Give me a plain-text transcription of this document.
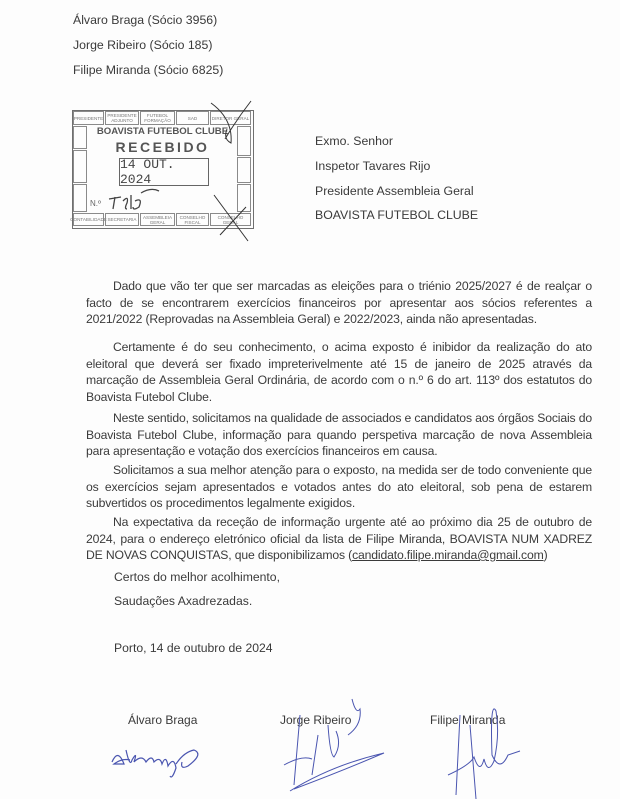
Álvaro Braga (Sócio 3956)
Jorge Ribeiro (Sócio 185)
Filipe Miranda (Sócio 6825)
PRESIDENTE PRESIDENTE ADJUNTO
FUTEBOL FORMAÇÃO	SAD	DIRETOR GERAL
BOAVISTA FUTEBOL CLUBE
RECEBIDO
14 OUT. 2024
N.º
CONTABILIDADE SECRETARIA	ASSEMBLEIA GERAL
CONSELHO FISCAL
CONSELHO GERAL
Exmo. Senhor
Inspetor Tavares Rijo
Presidente Assembleia Geral
BOAVISTA FUTEBOL CLUBE
Dado que vão ter que ser marcadas as eleições para o triénio 2025/2027 é de realçar o facto de se encontrarem exercícios financeiros por apresentar aos sócios referentes a 2021/2022 (Reprovadas na Assembleia Geral) e 2022/2023, ainda não apresentadas.
Certamente é do seu conhecimento, o acima exposto é inibidor da realização do ato eleitoral que deverá ser fixado impreterivelmente até 15 de janeiro de 2025 através da marcação de Assembleia Geral Ordinária, de acordo com o n.º 6 do art. 113º dos estatutos do Boavista Futebol Clube.
Neste sentido, solicitamos na qualidade de associados e candidatos aos órgãos Sociais do Boavista Futebol Clube, informação para quando perspetiva marcação de nova Assembleia para apresentação e votação dos exercícios financeiros em causa.
Solicitamos a sua melhor atenção para o exposto, na medida ser de todo conveniente que os exercícios sejam apresentados e votados antes do ato eleitoral, sob pena de estarem subvertidos os procedimentos legalmente exigidos.
Na expectativa da receção de informação urgente até ao próximo dia 25 de outubro de 2024, para o endereço eletrónico oficial da lista de Filipe Miranda, BOAVISTA NUM XADREZ DE NOVAS CONQUISTAS, que disponibilizamos (candidato.filipe.miranda@gmail.com)
Certos do melhor acolhimento,
Saudações Axadrezadas.
Porto, 14 de outubro de 2024
Álvaro Braga	Jorge Ribeiro	Filipe Miranda
